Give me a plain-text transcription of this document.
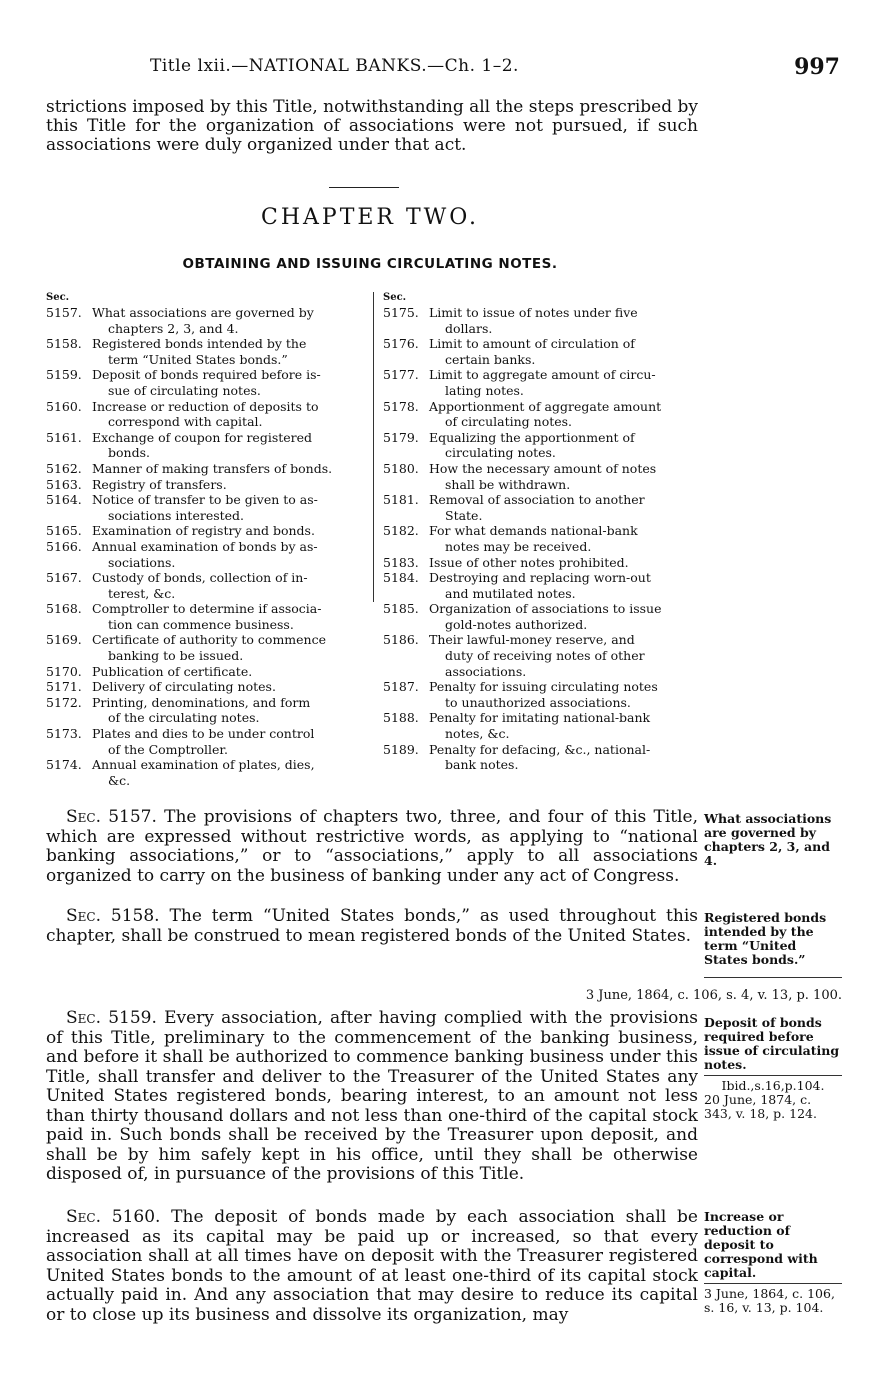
Title lxii.—NATIONAL BANKS.—Ch. 1–2.	997
strictions imposed by this Title, notwithstanding all the steps prescribed by this Title for the organization of associations were not pursued, if such associations were duly organized under that act.
CHAPTER TWO.
OBTAINING AND ISSUING CIRCULATING NOTES.
Sec.
5157. What associations are governed by
chapters 2, 3, and 4.
5158. Registered bonds intended by the
term “United States bonds.”
5159. Deposit of bonds required before is-
sue of circulating notes.
5160. Increase or reduction of deposits to
correspond with capital.
5161. Exchange of coupon for registered
bonds.
5162. Manner of making transfers of bonds.
5163. Registry of transfers.
5164. Notice of transfer to be given to as-
sociations interested.
5165. Examination of registry and bonds.
5166. Annual examination of bonds by as-
sociations.
5167. Custody of bonds, collection of in-
terest, &c.
5168. Comptroller to determine if associa-
tion can commence business.
5169. Certificate of authority to commence
banking to be issued.
5170. Publication of certificate.
5171. Delivery of circulating notes.
5172. Printing, denominations, and form
of the circulating notes.
5173. Plates and dies to be under control
of the Comptroller.
5174. Annual examination of plates, dies,
&c.
Sec.
5175. Limit to issue of notes under five
dollars.
5176. Limit to amount of circulation of
certain banks.
5177. Limit to aggregate amount of circu-
lating notes.
5178. Apportionment of aggregate amount
of circulating notes.
5179. Equalizing the apportionment of
circulating notes.
5180. How the necessary amount of notes
shall be withdrawn.
5181. Removal of association to another
State.
5182. For what demands national-bank
notes may be received.
5183. Issue of other notes prohibited.
5184. Destroying and replacing worn-out
and mutilated notes.
5185. Organization of associations to issue
gold-notes authorized.
5186. Their lawful-money reserve, and
duty of receiving notes of other
associations.
5187. Penalty for issuing circulating notes
to unauthorized associations.
5188. Penalty for imitating national-bank
notes, &c.
5189. Penalty for defacing, &c., national-
bank notes.
Sec. 5157. The provisions of chapters two, three, and four of this Title, which are expressed without restrictive words, as applying to “national banking associations,” or to “associations,” apply to all associations organized to carry on the business of banking under any act of Congress.
What associations are governed by chapters 2, 3, and 4.
Sec. 5158. The term “United States bonds,” as used throughout this chapter, shall be construed to mean registered bonds of the United States.
Registered bonds intended by the term “United States bonds.”
3 June, 1864, c. 106, s. 4, v. 13, p. 100.
Sec. 5159. Every association, after having complied with the provisions of this Title, preliminary to the commencement of the banking business, and before it shall be authorized to commence banking business under this Title, shall transfer and deliver to the Treasurer of the United States any United States registered bonds, bearing interest, to an amount not less than thirty thousand dollars and not less than one-third of the capital stock paid in. Such bonds shall be received by the Treasurer upon deposit, and shall be by him safely kept in his office, until they shall be otherwise disposed of, in pursuance of the provisions of this Title.
Deposit of bonds required before issue of circulating notes.
Ibid.,s.16,p.104.
20 June, 1874, c. 343, v. 18, p. 124.
Sec. 5160. The deposit of bonds made by each association shall be increased as its capital may be paid up or increased, so that every association shall at all times have on deposit with the Treasurer registered United States bonds to the amount of at least one-third of its capital stock actually paid in. And any association that may desire to reduce its capital or to close up its business and dissolve its organization, may
Increase or reduction of deposit to correspond with capital.
3 June, 1864, c. 106, s. 16, v. 13, p. 104.
